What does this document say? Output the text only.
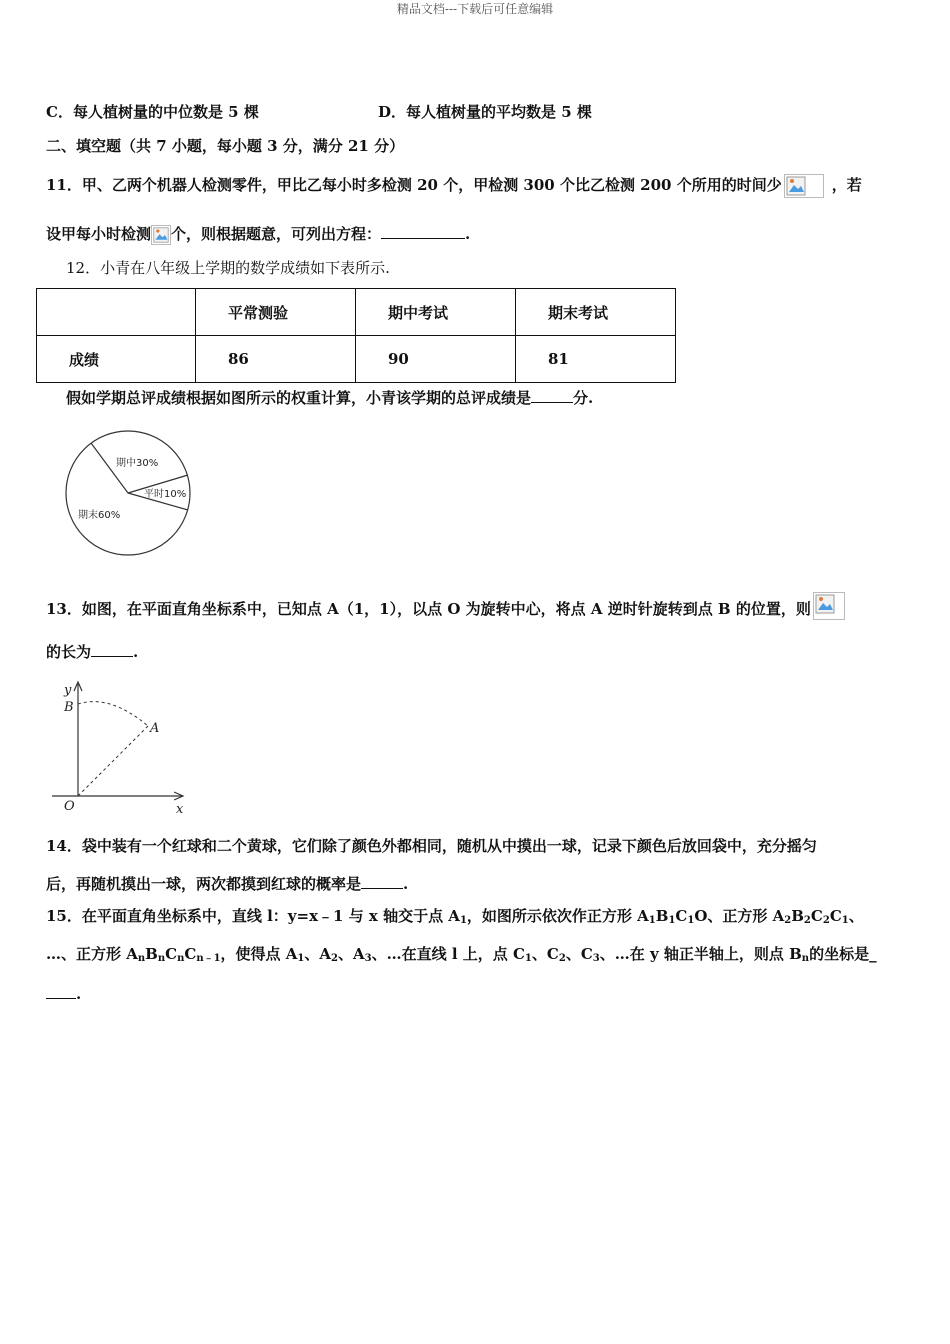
精品文档---下载后可任意编辑
C．每人植树量的中位数是 5 棵	D．每人植树量的平均数是 5 棵
二、填空题（共 7 小题，每小题 3 分，满分 21 分）
11．甲、乙两个机器人检测零件，甲比乙每小时多检测 20 个，甲检测 300 个比乙检测 200 个所用的时间少	，若
设甲每小时检测 个，则根据题意，可列出方程：	.
12．小青在八年级上学期的数学成绩如下表所示.
	平常测验	期中考试	期末考试
成绩	86	90	81
假如学期总评成绩根据如图所示的权重计算，小青该学期的总评成绩是	分.
期中30%
平时10%
期末60%
13．如图，在平面直角坐标系中，已知点 A（1，1），以点 O 为旋转中心，将点 A 逆时针旋转到点 B 的位置，则
的长为	.
y
B
A
O	x
14．袋中装有一个红球和二个黄球，它们除了颜色外都相同，随机从中摸出一球，记录下颜色后放回袋中，充分摇匀
后，再随机摸出一球，两次都摸到红球的概率是	.
15．在平面直角坐标系中，直线 l：y=x﹣1 与 x 轴交于点 $A_1$，如图所示依次作正方形 $A_1B_1C_1O$、正方形 $A_2B_2C_2C_1$、
…、正方形 $A_nB_nC_nC_{n﹣1}$，使得点 $A_1$、$A_2$、$A_3$、…在直线 l 上，点 $C_1$、$C_2$、$C_3$、…在 y 轴正半轴上，则点 $B_n$的坐标是_
.
